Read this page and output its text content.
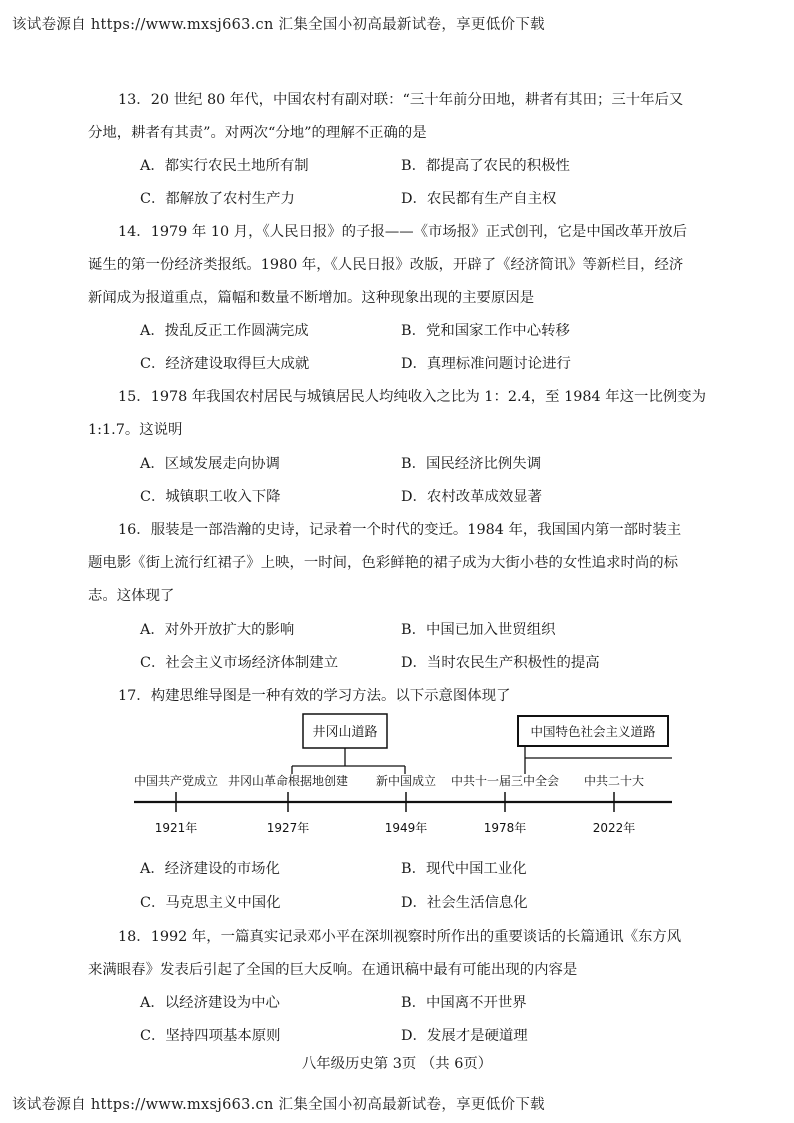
该试卷源自 https://www.mxsj663.cn 汇集全国小初高最新试卷，享更低价下载
13．20 世纪 80 年代，中国农村有副对联：“三十年前分田地，耕者有其田；三十年后又
分地，耕者有其责”。对两次“分地”的理解不正确的是
A．都实行农民土地所有制	B．都提高了农民的积极性
C．都解放了农村生产力	D．农民都有生产自主权
14．1979 年 10 月，《人民日报》的子报——《市场报》正式创刊，它是中国改革开放后
诞生的第一份经济类报纸。1980 年，《人民日报》改版，开辟了《经济简讯》等新栏目，经济
新闻成为报道重点，篇幅和数量不断增加。这种现象出现的主要原因是
A．拨乱反正工作圆满完成	B．党和国家工作中心转移
C．经济建设取得巨大成就	D．真理标准问题讨论进行
15．1978 年我国农村居民与城镇居民人均纯收入之比为 1：2.4，至 1984 年这一比例变为
1:1.7。这说明
A．区域发展走向协调	B．国民经济比例失调
C．城镇职工收入下降	D．农村改革成效显著
16．服装是一部浩瀚的史诗，记录着一个时代的变迁。1984 年，我国国内第一部时装主
题电影《街上流行红裙子》上映，一时间，色彩鲜艳的裙子成为大街小巷的女性追求时尚的标
志。这体现了
A．对外开放扩大的影响	B．中国已加入世贸组织
C．社会主义市场经济体制建立	D．当时农民生产积极性的提高
17．构建思维导图是一种有效的学习方法。以下示意图体现了
井冈山道路	中国特色社会主义道路
中国共产党成立 井冈山革命根据地创建 新中国成立 中共十一届三中全会 中共二十大
1921年	1927年	1949年	1978年	2022年
A．经济建设的市场化	B．现代中国工业化
C．马克思主义中国化	D．社会生活信息化
18．1992 年，一篇真实记录邓小平在深圳视察时所作出的重要谈话的长篇通讯《东方风
来满眼春》发表后引起了全国的巨大反响。在通讯稿中最有可能出现的内容是
A．以经济建设为中心	B．中国离不开世界
C．坚持四项基本原则	D．发展才是硬道理
八年级历史第 3页 （共 6页）
该试卷源自 https://www.mxsj663.cn 汇集全国小初高最新试卷，享更低价下载
